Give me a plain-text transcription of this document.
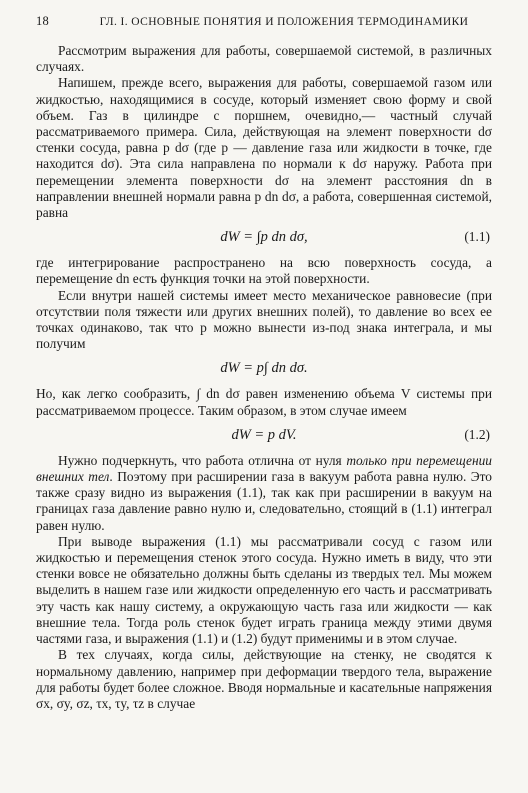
18	ГЛ. I. ОСНОВНЫЕ ПОНЯТИЯ И ПОЛОЖЕНИЯ ТЕРМОДИНАМИКИ

Рассмотрим выражения для работы, совершаемой системой, в различных случаях.

Напишем, прежде всего, выражения для работы, совершаемой газом или жидкостью, находящимися в сосуде, который изменяет свою форму и свой объем. Газ в цилиндре с поршнем, очевидно,— частный случай рассматриваемого примера. Сила, действующая на элемент поверхности dσ стенки сосуда, равна p dσ (где p — давление газа или жидкости в точке, где находится dσ). Эта сила направлена по нормали к dσ наружу. Работа при перемещении элемента поверхности dσ на элемент расстояния dn в направлении внешней нормали равна p dn dσ, а работа, совершенная системой, равна

dW = ∫p dn dσ,	(1.1)

где интегрирование распространено на всю поверхность сосуда, а перемещение dn есть функция точки на этой поверхности.

Если внутри нашей системы имеет место механическое равновесие (при отсутствии поля тяжести или других внешних полей), то давление во всех ее точках одинаково, так что p можно вынести из-под знака интеграла, и мы получим

dW = p∫ dn dσ.

Но, как легко сообразить, ∫ dn dσ равен изменению объема V системы при рассматриваемом процессе. Таким образом, в этом случае имеем

dW = p dV.	(1.2)

Нужно подчеркнуть, что работа отлична от нуля только при перемещении внешних тел. Поэтому при расширении газа в вакуум работа равна нулю. Это также сразу видно из выражения (1.1), так как при расширении в вакуум на границах газа давление равно нулю и, следовательно, стоящий в (1.1) интеграл равен нулю.

При выводе выражения (1.1) мы рассматривали сосуд с газом или жидкостью и перемещения стенок этого сосуда. Нужно иметь в виду, что эти стенки вовсе не обязательно должны быть сделаны из твердых тел. Мы можем выделить в нашем газе или жидкости определенную его часть и рассматривать эту часть как нашу систему, а окружающую часть газа или жидкости — как внешние тела. Тогда роль стенок будет играть граница между этими двумя частями газа, и выражения (1.1) и (1.2) будут применимы и в этом случае.

В тех случаях, когда силы, действующие на стенку, не сводятся к нормальному давлению, например при деформации твердого тела, выражение для работы будет более сложное. Вводя нормальные и касательные напряжения σx, σy, σz, τx, τy, τz в случае
